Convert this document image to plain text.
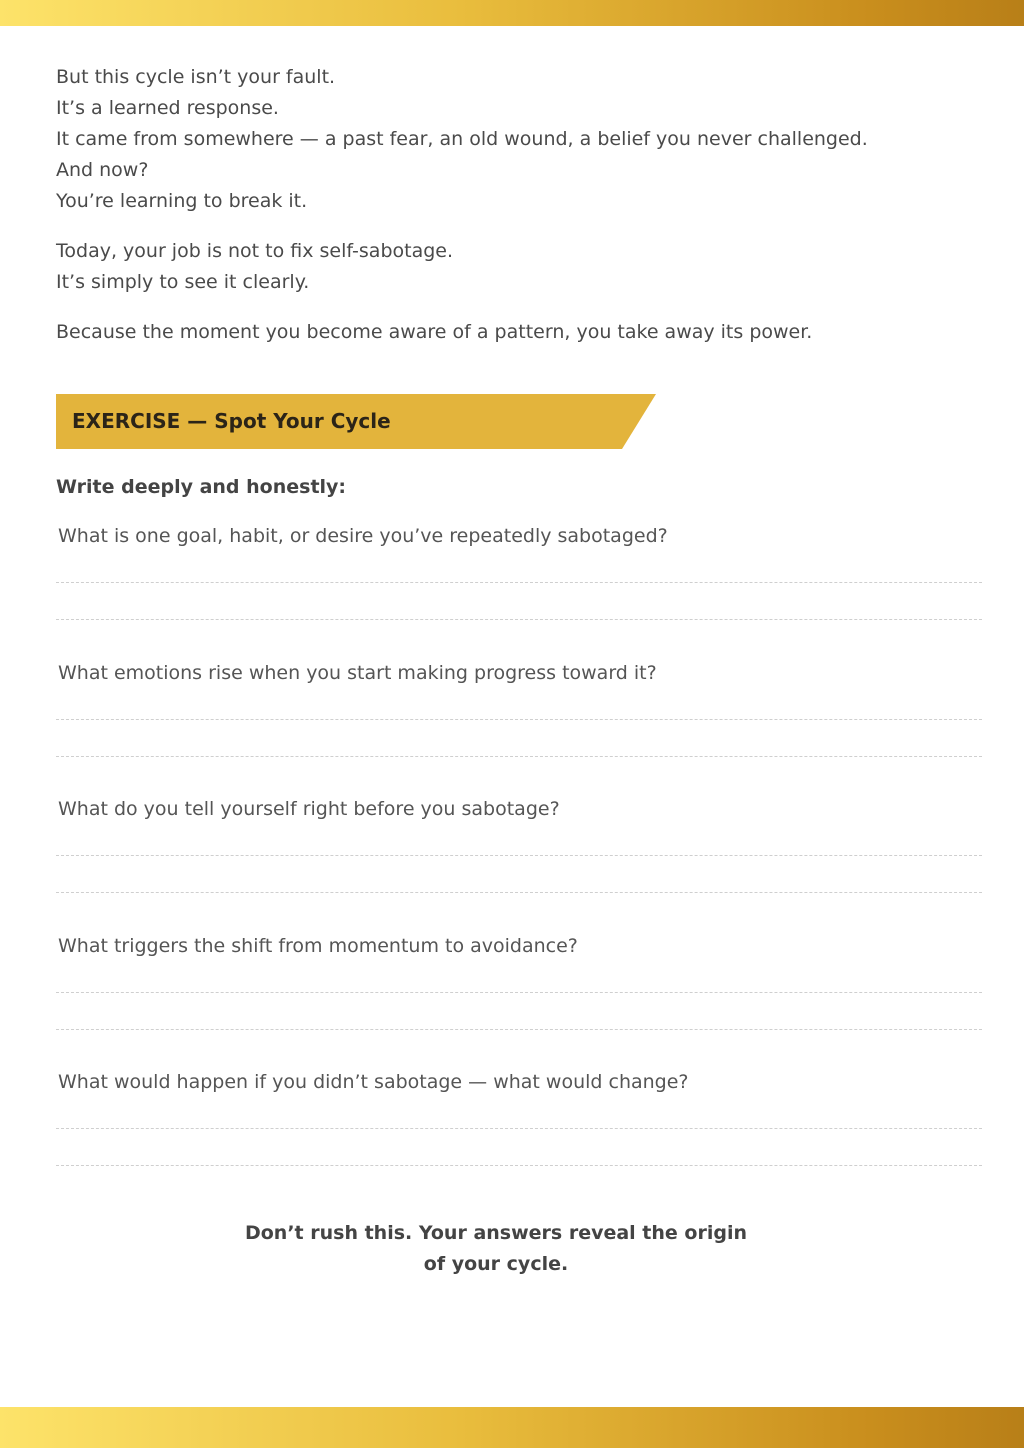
But this cycle isn’t your fault.
It’s a learned response.
It came from somewhere — a past fear, an old wound, a belief you never challenged.
And now?
You’re learning to break it.
Today, your job is not to fix self-sabotage.
It’s simply to see it clearly.
Because the moment you become aware of a pattern, you take away its power.
EXERCISE — Spot Your Cycle
Write deeply and honestly:
What is one goal, habit, or desire you’ve repeatedly sabotaged?
What emotions rise when you start making progress toward it?
What do you tell yourself right before you sabotage?
What triggers the shift from momentum to avoidance?
What would happen if you didn’t sabotage — what would change?
Don’t rush this. Your answers reveal the origin
of your cycle.
